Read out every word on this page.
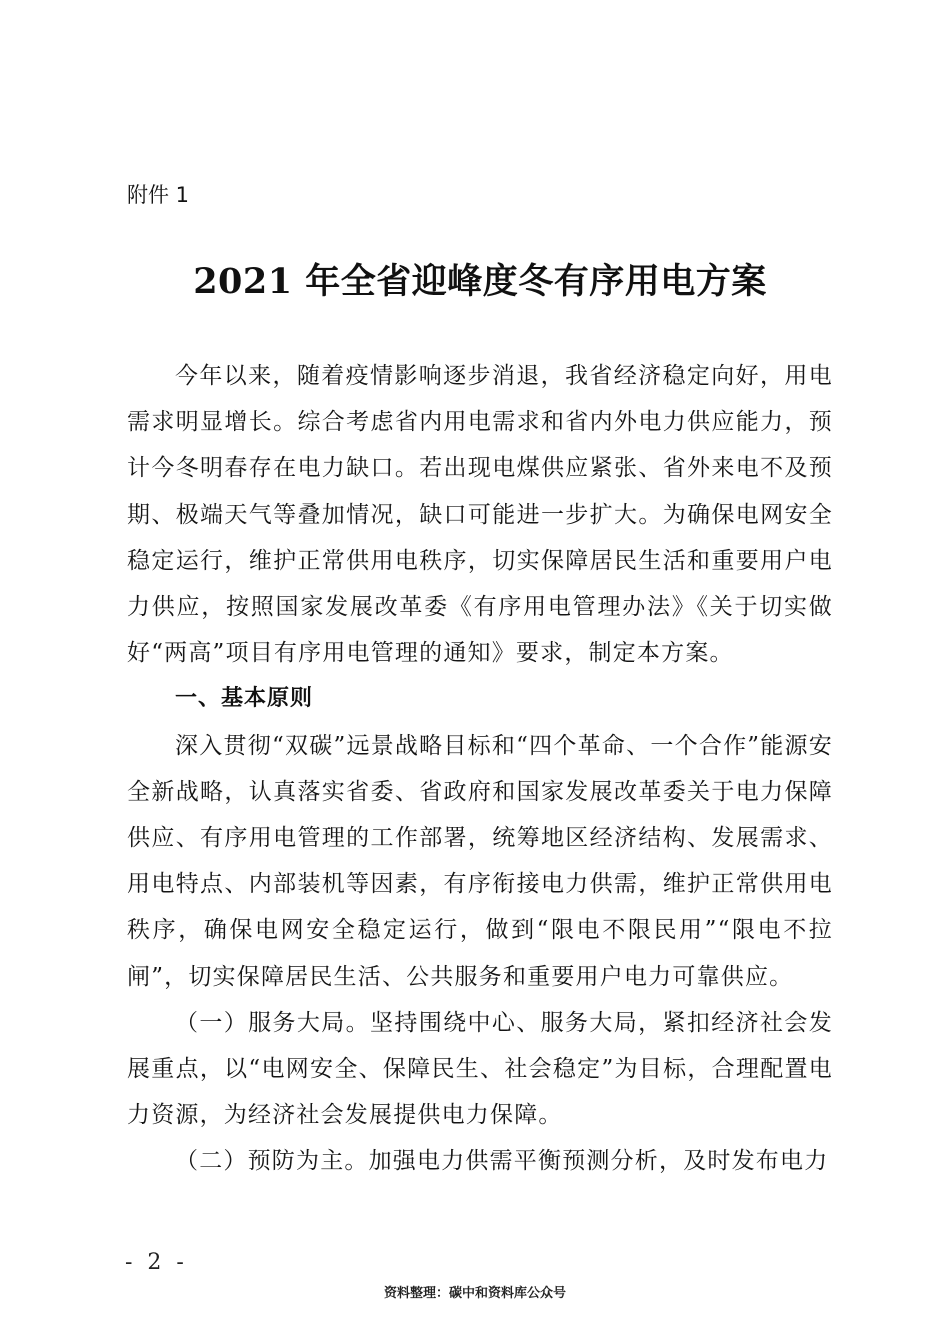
附件 1
2021 年全省迎峰度冬有序用电方案

今年以来，随着疫情影响逐步消退，我省经济稳定向好，用电需求明显增长。综合考虑省内用电需求和省内外电力供应能力，预计今冬明春存在电力缺口。若出现电煤供应紧张、省外来电不及预期、极端天气等叠加情况，缺口可能进一步扩大。为确保电网安全稳定运行，维护正常供用电秩序，切实保障居民生活和重要用户电力供应，按照国家发展改革委《有序用电管理办法》《关于切实做好“两高”项目有序用电管理的通知》要求，制定本方案。

一、基本原则

深入贯彻“双碳”远景战略目标和“四个革命、一个合作”能源安全新战略，认真落实省委、省政府和国家发展改革委关于电力保障供应、有序用电管理的工作部署，统筹地区经济结构、发展需求、用电特点、内部装机等因素，有序衔接电力供需，维护正常供用电秩序，确保电网安全稳定运行，做到“限电不限民用”“限电不拉闸”，切实保障居民生活、公共服务和重要用户电力可靠供应。

（一）服务大局。坚持围绕中心、服务大局，紧扣经济社会发展重点，以“电网安全、保障民生、社会稳定”为目标，合理配置电力资源，为经济社会发展提供电力保障。

（二）预防为主。加强电力供需平衡预测分析，及时发布电力

- 2 -
资料整理：碳中和资料库公众号
